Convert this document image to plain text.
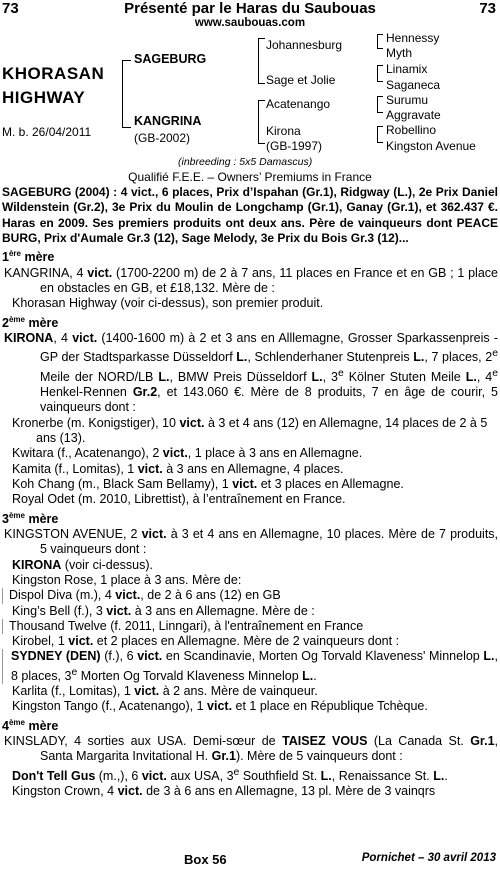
73	Présenté par le Haras du Saubouas	73
www.saubouas.com
KHORASAN
HIGHWAY
M. b. 26/04/2011
SAGEBURG
KANGRINA
(GB-2002)
Johannesburg
Sage et Jolie
Acatenango
Kirona
(GB-1997)
Hennessy
Myth
Linamix
Saganeca
Surumu
Aggravate
Robellino
Kingston Avenue
(inbreeding : 5x5 Damascus)
Qualifié F.E.E. – Owners’ Premiums in France

SAGEBURG (2004) : 4 vict., 6 places, Prix d’Ispahan (Gr.1), Ridgway (L.), 2e Prix Daniel Wildenstein (Gr.2), 3e Prix du Moulin de Longchamp (Gr.1), Ganay (Gr.1), et 362.437 €. Haras en 2009. Ses premiers produits ont deux ans. Père de vainqueurs dont PEACE BURG, Prix d'Aumale Gr.3 (12), Sage Melody, 3e Prix du Bois Gr.3 (12)...

1ère mère

KANGRINA, 4 vict. (1700-2200 m) de 2 à 7 ans, 11 places en France et en GB ; 1 place en obstacles en GB, et £18,132. Mère de :

Khorasan Highway (voir ci-dessus), son premier produit.

2ème mère

KIRONA, 4 vict. (1400-1600 m) à 2 et 3 ans en Alllemagne, Grosser Sparkassenpreis - GP der Stadtsparkasse Düsseldorf L., Schlenderhaner Stutenpreis L., 7 places, 2e Meile der NORD/LB L., BMW Preis Düsseldorf L., 3e Kölner Stuten Meile L., 4e Henkel-Rennen Gr.2, et 143.060 €. Mère de 8 produits, 7 en âge de courir, 5 vainqueurs dont :

Kronerbe (m. Konigstiger), 10 vict. à 3 et 4 ans (12) en Allemagne, 14 places de 2 à 5 ans (13).

Kwitara (f., Acatenango), 2 vict., 1 place à 3 ans en Allemagne.

Kamita (f., Lomitas), 1 vict. à 3 ans en Allemagne, 4 places.

Koh Chang (m., Black Sam Bellamy), 1 vict. et 3 places en Allemagne.

Royal Odet (m. 2010, Librettist), à l’entraînement en France.

3ème mère

KINGSTON AVENUE, 2 vict. à 3 et 4 ans en Allemagne, 10 places. Mère de 7 produits, 5 vainqueurs dont :

KIRONA (voir ci-dessus).

Kingston Rose, 1 place à 3 ans. Mère de:

Dispol Diva (m.), 4 vict., de 2 à 6 ans (12) en GB

King’s Bell (f.), 3 vict. à 3 ans en Allemagne. Mère de :

Thousand Twelve (f. 2011, Linngari), à l'entraînement en France

Kirobel, 1 vict. et 2 places en Allemagne. Mère de 2 vainqueurs dont :

SYDNEY (DEN) (f.), 6 vict. en Scandinavie, Morten Og Torvald Klaveness' Minnelop L., 8 places, 3e Morten Og Torvald Klaveness Minnelop L..

Karlita (f., Lomitas), 1 vict. à 2 ans. Mère de vainqueur.

Kingston Tango (f., Acatenango), 1 vict. et 1 place en République Tchèque.

4ème mère

KINSLADY, 4 sorties aux USA. Demi-sœur de TAISEZ VOUS (La Canada St. Gr.1, Santa Margarita Invitational H. Gr.1). Mère de 5 vainqueurs dont :

Don't Tell Gus (m.,), 6 vict. aux USA, 3e Southfield St. L., Renaissance St. L..

Kingston Crown, 4 vict. de 3 à 6 ans en Allemagne, 13 pl. Mère de 3 vainqrs

Box 56	Pornichet – 30 avril 2013
